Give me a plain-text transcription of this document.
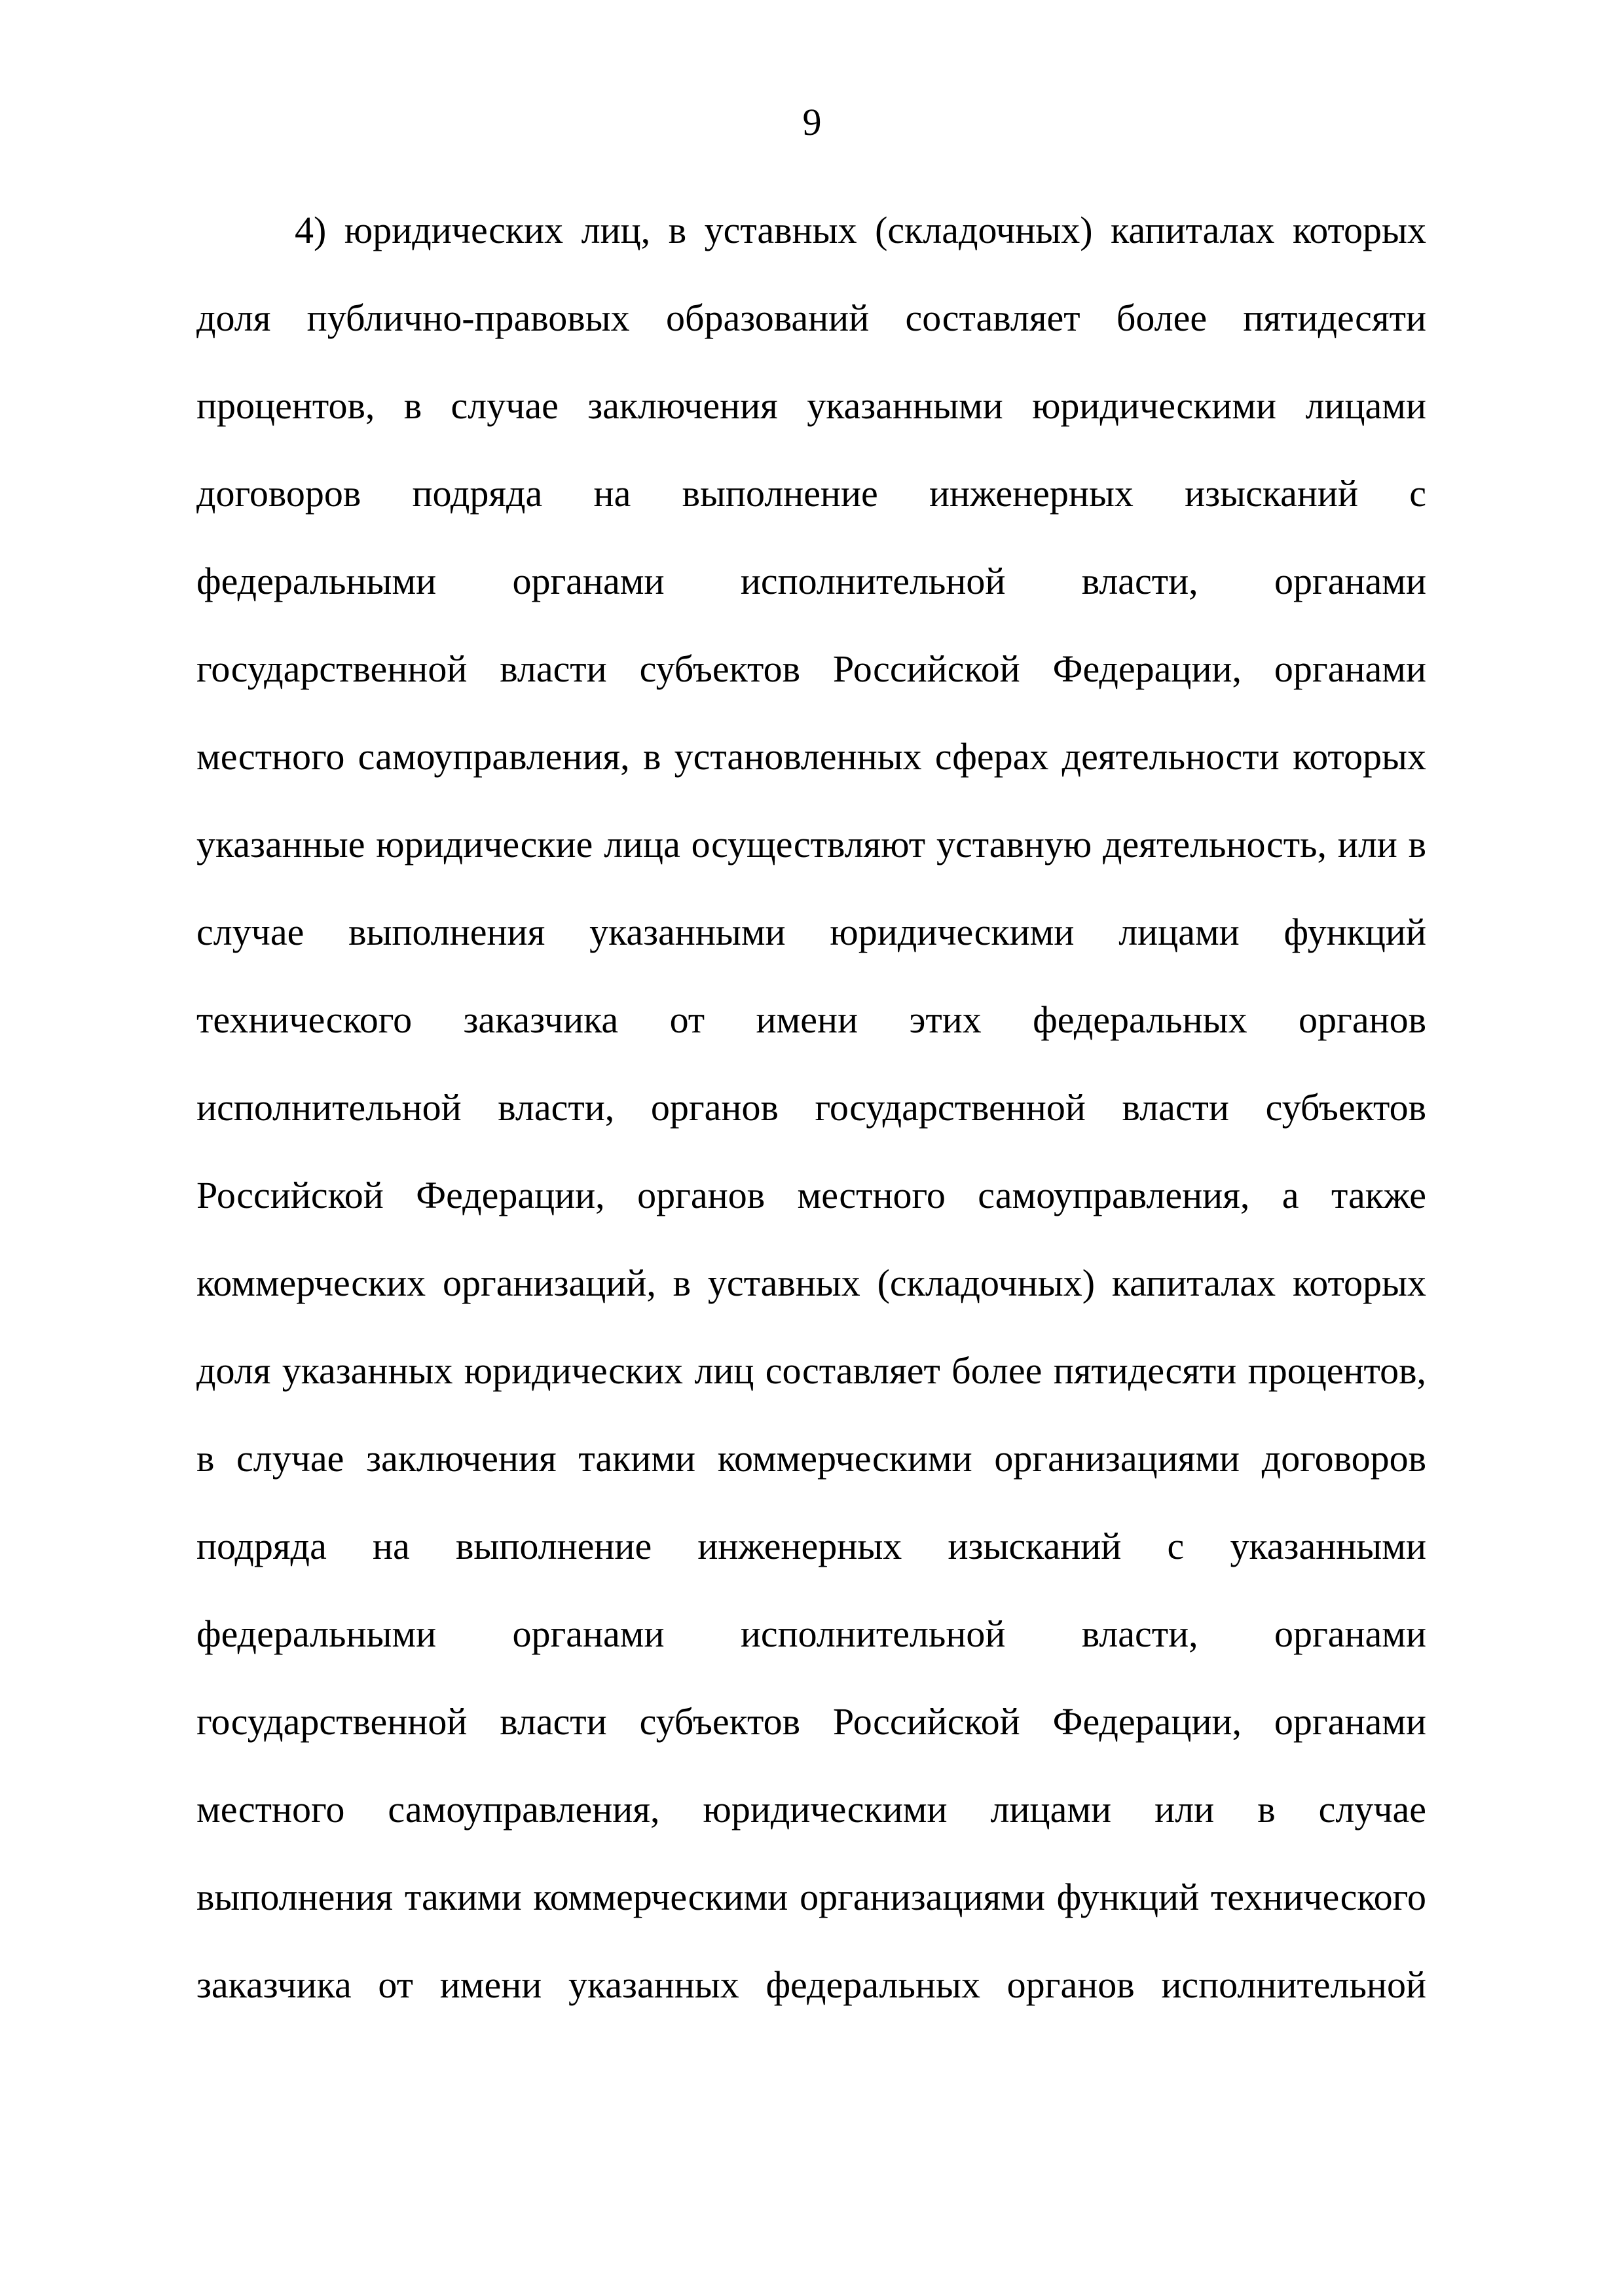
9
4) юридических лиц, в уставных (складочных) капиталах которых
доля публично-правовых образований составляет более пятидесяти
процентов, в случае заключения указанными юридическими лицами
договоров подряда на выполнение инженерных изысканий с
федеральными органами исполнительной власти, органами
государственной власти субъектов Российской Федерации, органами
местного самоуправления, в установленных сферах деятельности которых
указанные юридические лица осуществляют уставную деятельность, или в
случае выполнения указанными юридическими лицами функций
технического заказчика от имени этих федеральных органов
исполнительной власти, органов государственной власти субъектов
Российской Федерации, органов местного самоуправления, а также
коммерческих организаций, в уставных (складочных) капиталах которых
доля указанных юридических лиц составляет более пятидесяти процентов,
в случае заключения такими коммерческими организациями договоров
подряда на выполнение инженерных изысканий с указанными
федеральными органами исполнительной власти, органами
государственной власти субъектов Российской Федерации, органами
местного самоуправления, юридическими лицами или в случае
выполнения такими коммерческими организациями функций технического
заказчика от имени указанных федеральных органов исполнительной
